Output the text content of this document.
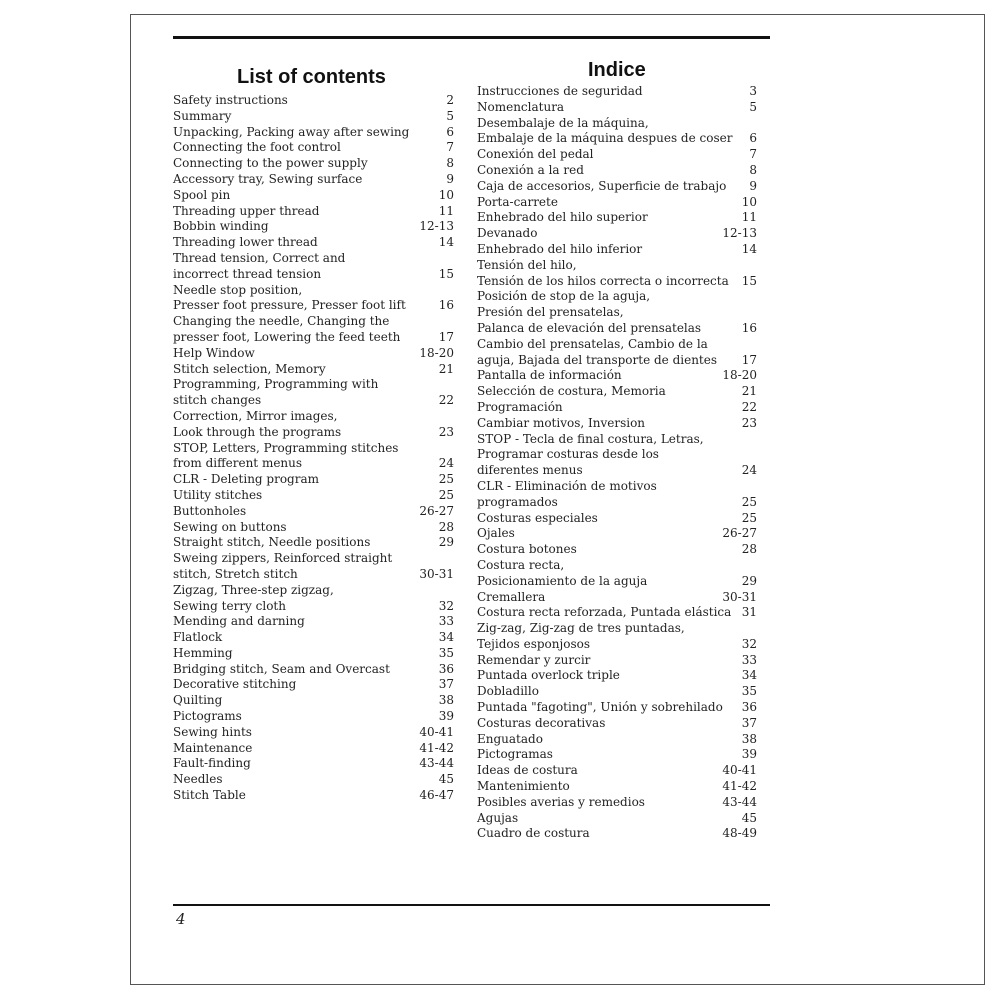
List of contents	Indice
Safety instructions	2
Summary	5
Unpacking, Packing away after sewing	6
Connecting the foot control	7
Connecting to the power supply	8
Accessory tray, Sewing surface	9
Spool pin	10
Threading upper thread	11
Bobbin winding	12-13
Threading lower thread	14
Thread tension, Correct and
incorrect thread tension	15
Needle stop position,
Presser foot pressure, Presser foot lift	16
Changing the needle, Changing the
presser foot, Lowering the feed teeth	17
Help Window	18-20
Stitch selection, Memory	21
Programming, Programming with
stitch changes	22
Correction, Mirror images,
Look through the programs	23
STOP, Letters, Programming stitches
from different menus	24
CLR - Deleting program	25
Utility stitches	25
Buttonholes	26-27
Sewing on buttons	28
Straight stitch, Needle positions	29
Sweing zippers, Reinforced straight
stitch, Stretch stitch	30-31
Zigzag, Three-step zigzag,
Sewing terry cloth	32
Mending and darning	33
Flatlock	34
Hemming	35
Bridging stitch, Seam and Overcast	36
Decorative stitching	37
Quilting	38
Pictograms	39
Sewing hints	40-41
Maintenance	41-42
Fault-finding	43-44
Needles	45
Stitch Table	46-47
Instrucciones de seguridad	3
Nomenclatura	5
Desembalaje de la máquina,
Embalaje de la máquina despues de coser	6
Conexión del pedal	7
Conexión a la red	8
Caja de accesorios, Superficie de trabajo	9
Porta-carrete	10
Enhebrado del hilo superior	11
Devanado	12-13
Enhebrado del hilo inferior	14
Tensión del hilo,
Tensión de los hilos correcta o incorrecta	15
Posición de stop de la aguja,
Presión del prensatelas,
Palanca de elevación del prensatelas	16
Cambio del prensatelas, Cambio de la
aguja, Bajada del transporte de dientes	17
Pantalla de información	18-20
Selección de costura, Memoria	21
Programación	22
Cambiar motivos, Inversion	23
STOP - Tecla de final costura, Letras,
Programar costuras desde los
diferentes menus	24
CLR - Eliminación de motivos
programados	25
Costuras especiales	25
Ojales	26-27
Costura botones	28
Costura recta,
Posicionamiento de la aguja	29
Cremallera	30-31
Costura recta reforzada, Puntada elástica 31
Zig-zag, Zig-zag de tres puntadas,
Tejidos esponjosos	32
Remendar y zurcir	33
Puntada overlock triple	34
Dobladillo	35
Puntada "fagoting", Unión y sobrehilado	36
Costuras decorativas	37
Enguatado	38
Pictogramas	39
Ideas de costura	40-41
Mantenimiento	41-42
Posibles averias y remedios	43-44
Agujas	45
Cuadro de costura	48-49
4
